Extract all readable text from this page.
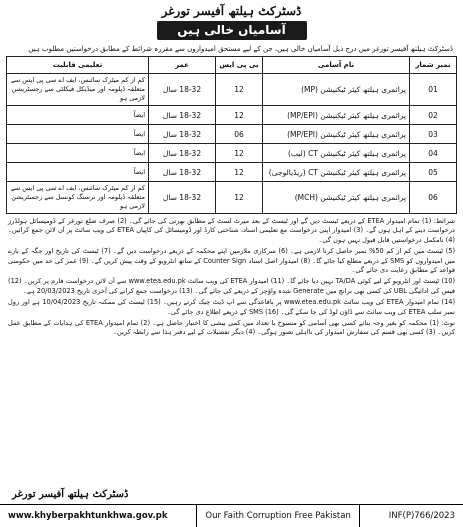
ڈسٹرکٹ ہیلتھ آفیسر تورغر
آسامیاں خالی ہیں
ڈسٹرکٹ ہیلتھ آفیسر تورغر میں درج ذیل آسامیاں خالی ہیں، جن کے لیے مستحق امیدواروں سے مقررہ شرائط کے مطابق درخواستیں مطلوب ہیں
نمبر شمار	نام آسامی	بی پی ایس	عمر	تعلیمی قابلیت
01	پرائمری ہیلتھ کیئر ٹیکنیشن (MP)	12	18-32 سال	کم از کم میٹرک سائنس، ایف اے سی پی ایس سے متعلقہ ڈپلومہ اور میڈیکل فیکلٹی سے رجسٹریشن لازمی ہو
02	پرائمری ہیلتھ کیئر ٹیکنیشن (MP/EPI)	12	18-32 سال	ایضاً
03	پرائمری ہیلتھ کیئر ٹیکنیشن (MP/EPI)	06	18-32 سال	ایضاً
04	پرائمری ہیلتھ کیئر ٹیکنیشن CT (لیب)	12	18-32 سال	ایضاً
05	پرائمری ہیلتھ کیئر ٹیکنیشن CT (ریڈیالوجی)	12	18-32 سال	ایضاً
06	پرائمری ہیلتھ کیئر ٹیکنیشن (MCH)	12	18-32 سال	کم از کم میٹرک سائنس، ایف اے سی پی ایس سے متعلقہ ڈپلومہ اور نرسنگ کونسل سے رجسٹریشن لازمی ہو

شرائط: (1) تمام امیدوار ETEA کے ذریعے ٹیسٹ دیں گے اور ٹیسٹ کے بعد میرٹ لسٹ کے مطابق بھرتی کی جائے گی۔ (2) صرف ضلع تورغر کے ڈومیسائل ہولڈرز درخواست دینے کے اہل ہوں گے۔ (3) امیدوار اپنی درخواست مع تعلیمی اسناد، شناختی کارڈ اور ڈومیسائل کی کاپیاں ETEA کی ویب سائٹ پر آن لائن جمع کرائیں۔ (4) نامکمل درخواستیں قابل قبول نہیں ہوں گی۔

(5) ٹیسٹ میں کم از کم 50% نمبر حاصل کرنا لازمی ہے۔ (6) سرکاری ملازمین اپنے محکمہ کے ذریعے درخواست دیں گے۔ (7) ٹیسٹ کی تاریخ اور جگہ کے بارے میں امیدواروں کو SMS کے ذریعے مطلع کیا جائے گا۔ (8) امیدوار اصل اسناد Counter Sign کے ساتھ انٹرویو کے وقت پیش کریں گے۔ (9) عمر کی حد میں حکومتی قواعد کے مطابق رعایت دی جائے گی۔

(10) ٹیسٹ اور انٹرویو کے لیے کوئی TA/DA نہیں دیا جائے گا۔ (11) امیدوار ETEA کی ویب سائٹ www.etea.edu.pk سے آن لائن درخواست فارم پر کریں۔ (12) فیس کی ادائیگی UBL کی کسی بھی برانچ میں Generate شدہ واؤچر کے ذریعے کی جائے گی۔ (13) درخواست جمع کرانے کی آخری تاریخ 20/03/2023 ہے۔

(14) تمام امیدوار ETEA کی ویب سائٹ www.etea.edu.pk پر باقاعدگی سے اپ ڈیٹ چیک کرتے رہیں۔ (15) ٹیسٹ کی ممکنہ تاریخ 10/04/2023 ہے اور رول نمبر سلپ ETEA کی ویب سائٹ سے ڈاؤن لوڈ کی جا سکے گی۔ (16) SMS کے ذریعے اطلاع دی جائے گی۔

نوٹ: (1) محکمہ کو بغیر وجہ بتائے کسی بھی آسامی کو منسوخ یا تعداد میں کمی بیشی کا اختیار حاصل ہے۔ (2) تمام امیدوار ETEA کی ہدایات کے مطابق عمل کریں۔ (3) کسی بھی قسم کی سفارش امیدوار کی نااہلی تصور ہوگی۔ (4) دیگر تفصیلات کے لیے دفتر ہذا سے رابطہ کریں۔

ڈسٹرکٹ ہیلتھ آفیسر تورغر
www.khyberpakhtunkhwa.gov.pk	Our Faith Corruption Free Pakistan	INF(P)766/2023
